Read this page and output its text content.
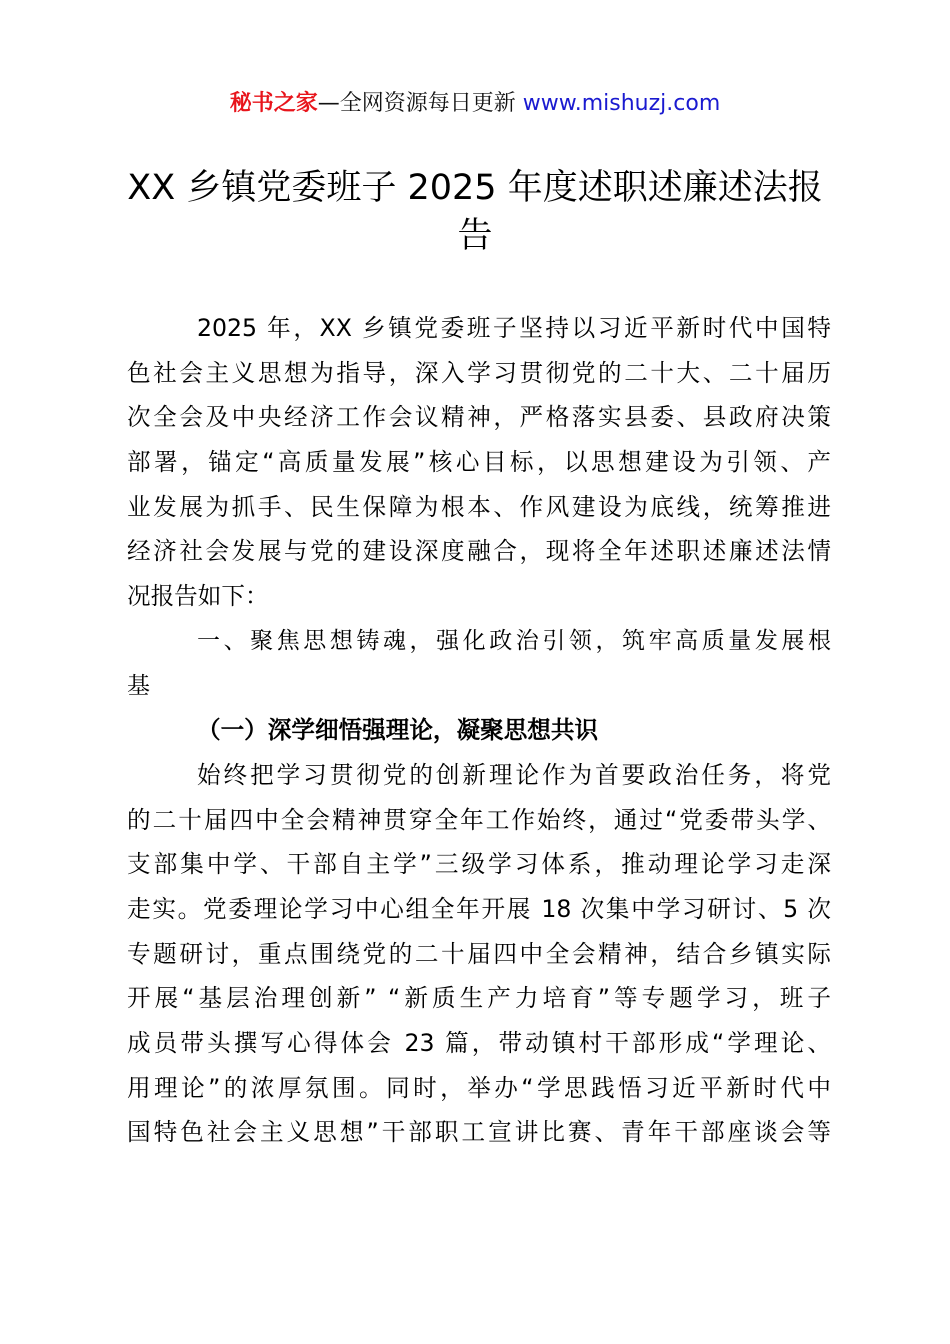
秘书之家—全网资源每日更新 www.mishuzj.com
XX 乡镇党委班子 2025 年度述职述廉述法报
告
2025 年，XX 乡镇党委班子坚持以习近平新时代中国特
色社会主义思想为指导，深入学习贯彻党的二十大、二十届历
次全会及中央经济工作会议精神，严格落实县委、县政府决策
部署，锚定“高质量发展”核心目标，以思想建设为引领、产
业发展为抓手、民生保障为根本、作风建设为底线，统筹推进
经济社会发展与党的建设深度融合，现将全年述职述廉述法情
况报告如下：
一、聚焦思想铸魂，强化政治引领，筑牢高质量发展根
基
（一）深学细悟强理论，凝聚思想共识
始终把学习贯彻党的创新理论作为首要政治任务，将党
的二十届四中全会精神贯穿全年工作始终，通过“党委带头学、
支部集中学、干部自主学”三级学习体系，推动理论学习走深
走实。党委理论学习中心组全年开展 18 次集中学习研讨、5 次
专题研讨，重点围绕党的二十届四中全会精神，结合乡镇实际
开展“基层治理创新” “新质生产力培育”等专题学习，班子
成员带头撰写心得体会 23 篇，带动镇村干部形成“学理论、
用理论”的浓厚氛围。同时，举办“学思践悟习近平新时代中
国特色社会主义思想”干部职工宣讲比赛、青年干部座谈会等
